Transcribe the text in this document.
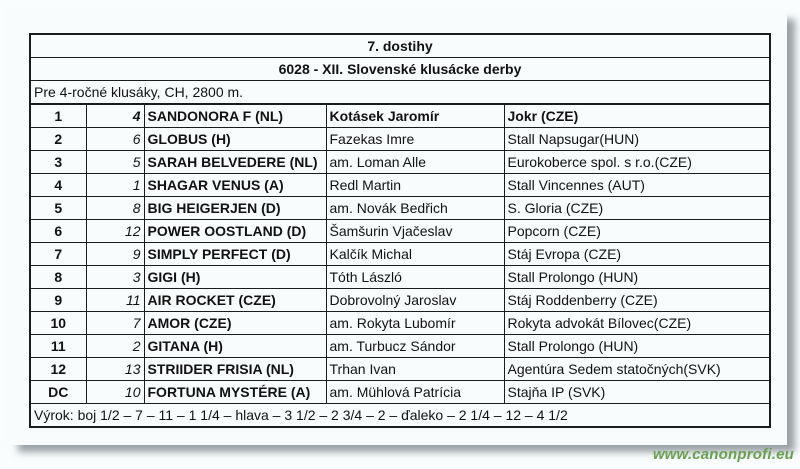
7. dostihy				
6028 - XII. Slovenské klusácke derby				
Pre 4-ročné klusáky, CH, 2800 m.				
1	4	SANDONORA F (NL)	Kotásek Jaromír	Jokr (CZE)
2	6	GLOBUS (H)	Fazekas Imre	Stall Napsugar(HUN)
3	5	SARAH BELVEDERE (NL)	am. Loman Alle	Eurokoberce spol. s r.o.(CZE)
4	1	SHAGAR VENUS (A)	Redl Martin	Stall Vincennes (AUT)
5	8	BIG HEIGERJEN (D)	am. Novák Bedřich	S. Gloria (CZE)
6	12	POWER OOSTLAND (D)	Šamšurin Vjačeslav	Popcorn (CZE)
7	9	SIMPLY PERFECT (D)	Kalčík Michal	Stáj Evropa (CZE)
8	3	GIGI (H)	Tóth László	Stall Prolongo (HUN)
9	11	AIR ROCKET (CZE)	Dobrovolný Jaroslav	Stáj Roddenberry (CZE)
10	7	AMOR (CZE)	am. Rokyta Lubomír	Rokyta advokát Bílovec(CZE)
11	2	GITANA (H)	am. Turbucz Sándor	Stall Prolongo (HUN)
12	13	STRIIDER FRISIA (NL)	Trhan Ivan	Agentúra Sedem statočných(SVK)
DC	10	FORTUNA MYSTÉRE (A)	am. Mühlová Patrícia	Stajňa IP (SVK)
Výrok: boj 1/2 – 7 – 11 – 1 1/4 – hlava – 3 1/2 – 2 3/4 – 2 – ďaleko – 2 1/4 – 12 – 4 1/2				
www.canonprofi.eu
